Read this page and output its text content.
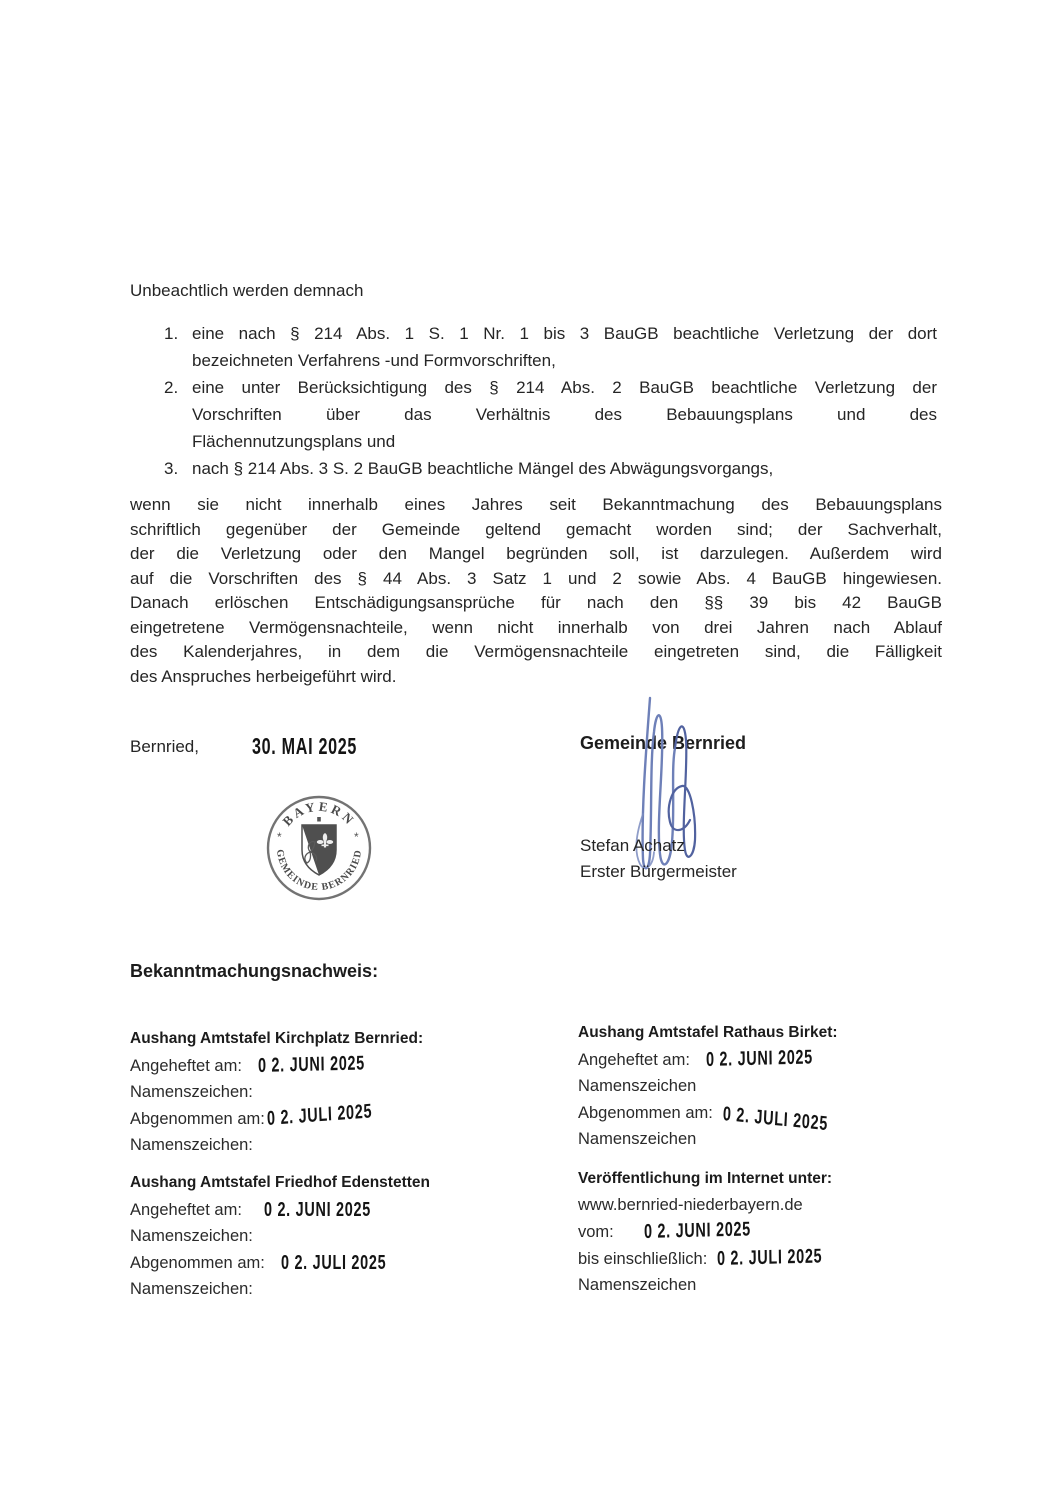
Unbeachtlich werden demnach
1. eine nach § 214 Abs. 1 S. 1 Nr. 1 bis 3 BauGB beachtliche Verletzung der dort
bezeichneten Verfahrens -und Formvorschriften,
2. eine unter Berücksichtigung des § 214 Abs. 2 BauGB beachtliche Verletzung der
Vorschriften über das Verhältnis des Bebauungsplans und des
Flächennutzungsplans und
3. nach § 214 Abs. 3 S. 2 BauGB beachtliche Mängel des Abwägungsvorgangs,
wenn sie nicht innerhalb eines Jahres seit Bekanntmachung des Bebauungsplans
schriftlich gegenüber der Gemeinde geltend gemacht worden sind; der Sachverhalt,
der die Verletzung oder den Mangel begründen soll, ist darzulegen. Außerdem wird
auf die Vorschriften des § 44 Abs. 3 Satz 1 und 2 sowie Abs. 4 BauGB hingewiesen.
Danach erlöschen Entschädigungsansprüche für nach den §§ 39 bis 42 BauGB
eingetretene Vermögensnachteile, wenn nicht innerhalb von drei Jahren nach Ablauf
des Kalenderjahres, in dem die Vermögensnachteile eingetreten sind, die Fälligkeit
des Anspruches herbeigeführt wird.
Bernried, 30. MAI 2025	Gemeinde Bernried
BAYERN
GEMEINDE BERNRIED
*	*	Stefan Achatz
Erster Bürgermeister
Bekanntmachungsnachweis:
Aushang Amtstafel Kirchplatz Bernried:
Angeheftet am: 0 2. JUNI 2025
Namenszeichen:
Abgenommen am:0 2. JULI 2025
Namenszeichen:
Aushang Amtstafel Rathaus Birket:
Angeheftet am: 0 2. JUNI 2025
Namenszeichen
Abgenommen am: 0 2. JULI 2025
Namenszeichen
Aushang Amtstafel Friedhof Edenstetten
Angeheftet am: 0 2. JUNI 2025
Namenszeichen:
Abgenommen am: 0 2. JULI 2025
Namenszeichen:
Veröffentlichung im Internet unter:
www.bernried-niederbayern.de
vom: 0 2. JUNI 2025
bis einschließlich: 0 2. JULI 2025
Namenszeichen
